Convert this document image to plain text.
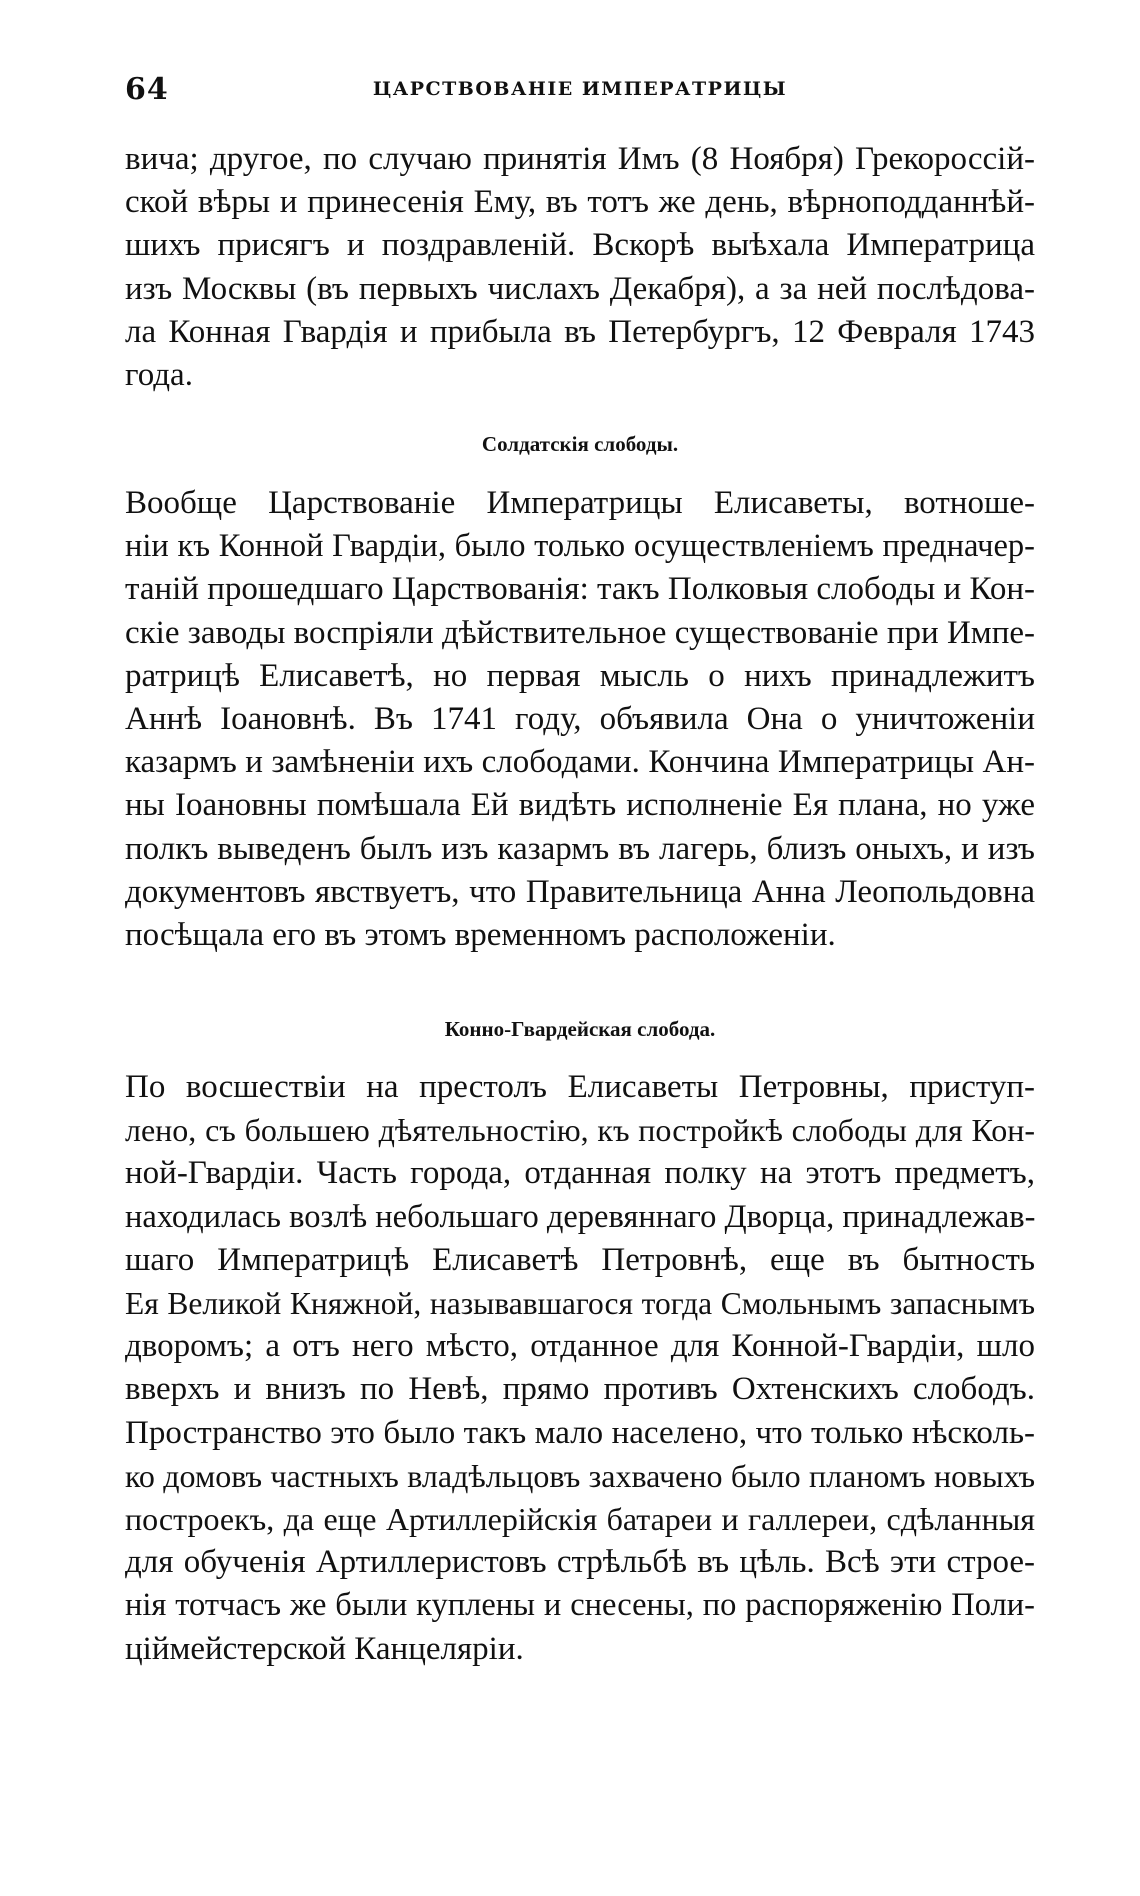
64	ЦАРСТВОВАНІЕ ИМПЕРАТРИЦЫ
вича; другое, по случаю принятія Имъ (8 Ноября) Грекороссій-
ской вѣры и принесенія Ему, въ тотъ же день, вѣрноподданнѣй-
шихъ присягъ и поздравленій. Вскорѣ выѣхала Императрица
изъ Москвы (въ первыхъ числахъ Декабря), а за ней послѣдова-
ла Конная Гвардія и прибыла въ Петербургъ, 12 Февраля 1743
года.
Солдатскія слободы.
Вообще Царствованіе Императрицы Елисаветы, вотноше-
ніи къ Конной Гвардіи, было только осуществленіемъ предначер-
таній прошедшаго Царствованія: такъ Полковыя слободы и Кон-
скіе заводы воспріяли дѣйствительное существованіе при Импе-
ратрицѣ Елисаветѣ, но первая мысль о нихъ принадлежитъ
Аннѣ Іоановнѣ. Въ 1741 году, объявила Она о уничтоженіи
казармъ и замѣненіи ихъ слободами. Кончина Императрицы Ан-
ны Іоановны помѣшала Ей видѣть исполненіе Ея плана, но уже
полкъ выведенъ былъ изъ казармъ въ лагерь, близъ оныхъ, и изъ
документовъ явствуетъ, что Правительница Анна Леопольдовна
посѣщала его въ этомъ временномъ расположеніи.
Конно-Гвардейская слобода.
По восшествіи на престолъ Елисаветы Петровны, приступ-
лено, съ большею дѣятельностію, къ постройкѣ слободы для Кон-
ной-Гвардіи. Часть города, отданная полку на этотъ предметъ,
находилась возлѣ небольшаго деревяннаго Дворца, принадлежав-
шаго Императрицѣ Елисаветѣ Петровнѣ, еще въ бытность
Ея Великой Княжной, называвшагося тогда Смольнымъ запаснымъ
дворомъ; а отъ него мѣсто, отданное для Конной-Гвардіи, шло
вверхъ и внизъ по Невѣ, прямо противъ Охтенскихъ слободъ.
Пространство это было такъ мало населено, что только нѣсколь-
ко домовъ частныхъ владѣльцовъ захвачено было планомъ новыхъ
построекъ, да еще Артиллерійскія батареи и галлереи, сдѣланныя
для обученія Артиллеристовъ стрѣльбѣ въ цѣль. Всѣ эти строе-
нія тотчасъ же были куплены и снесены, по распоряженію Поли-
ціймейстерской Канцеляріи.
